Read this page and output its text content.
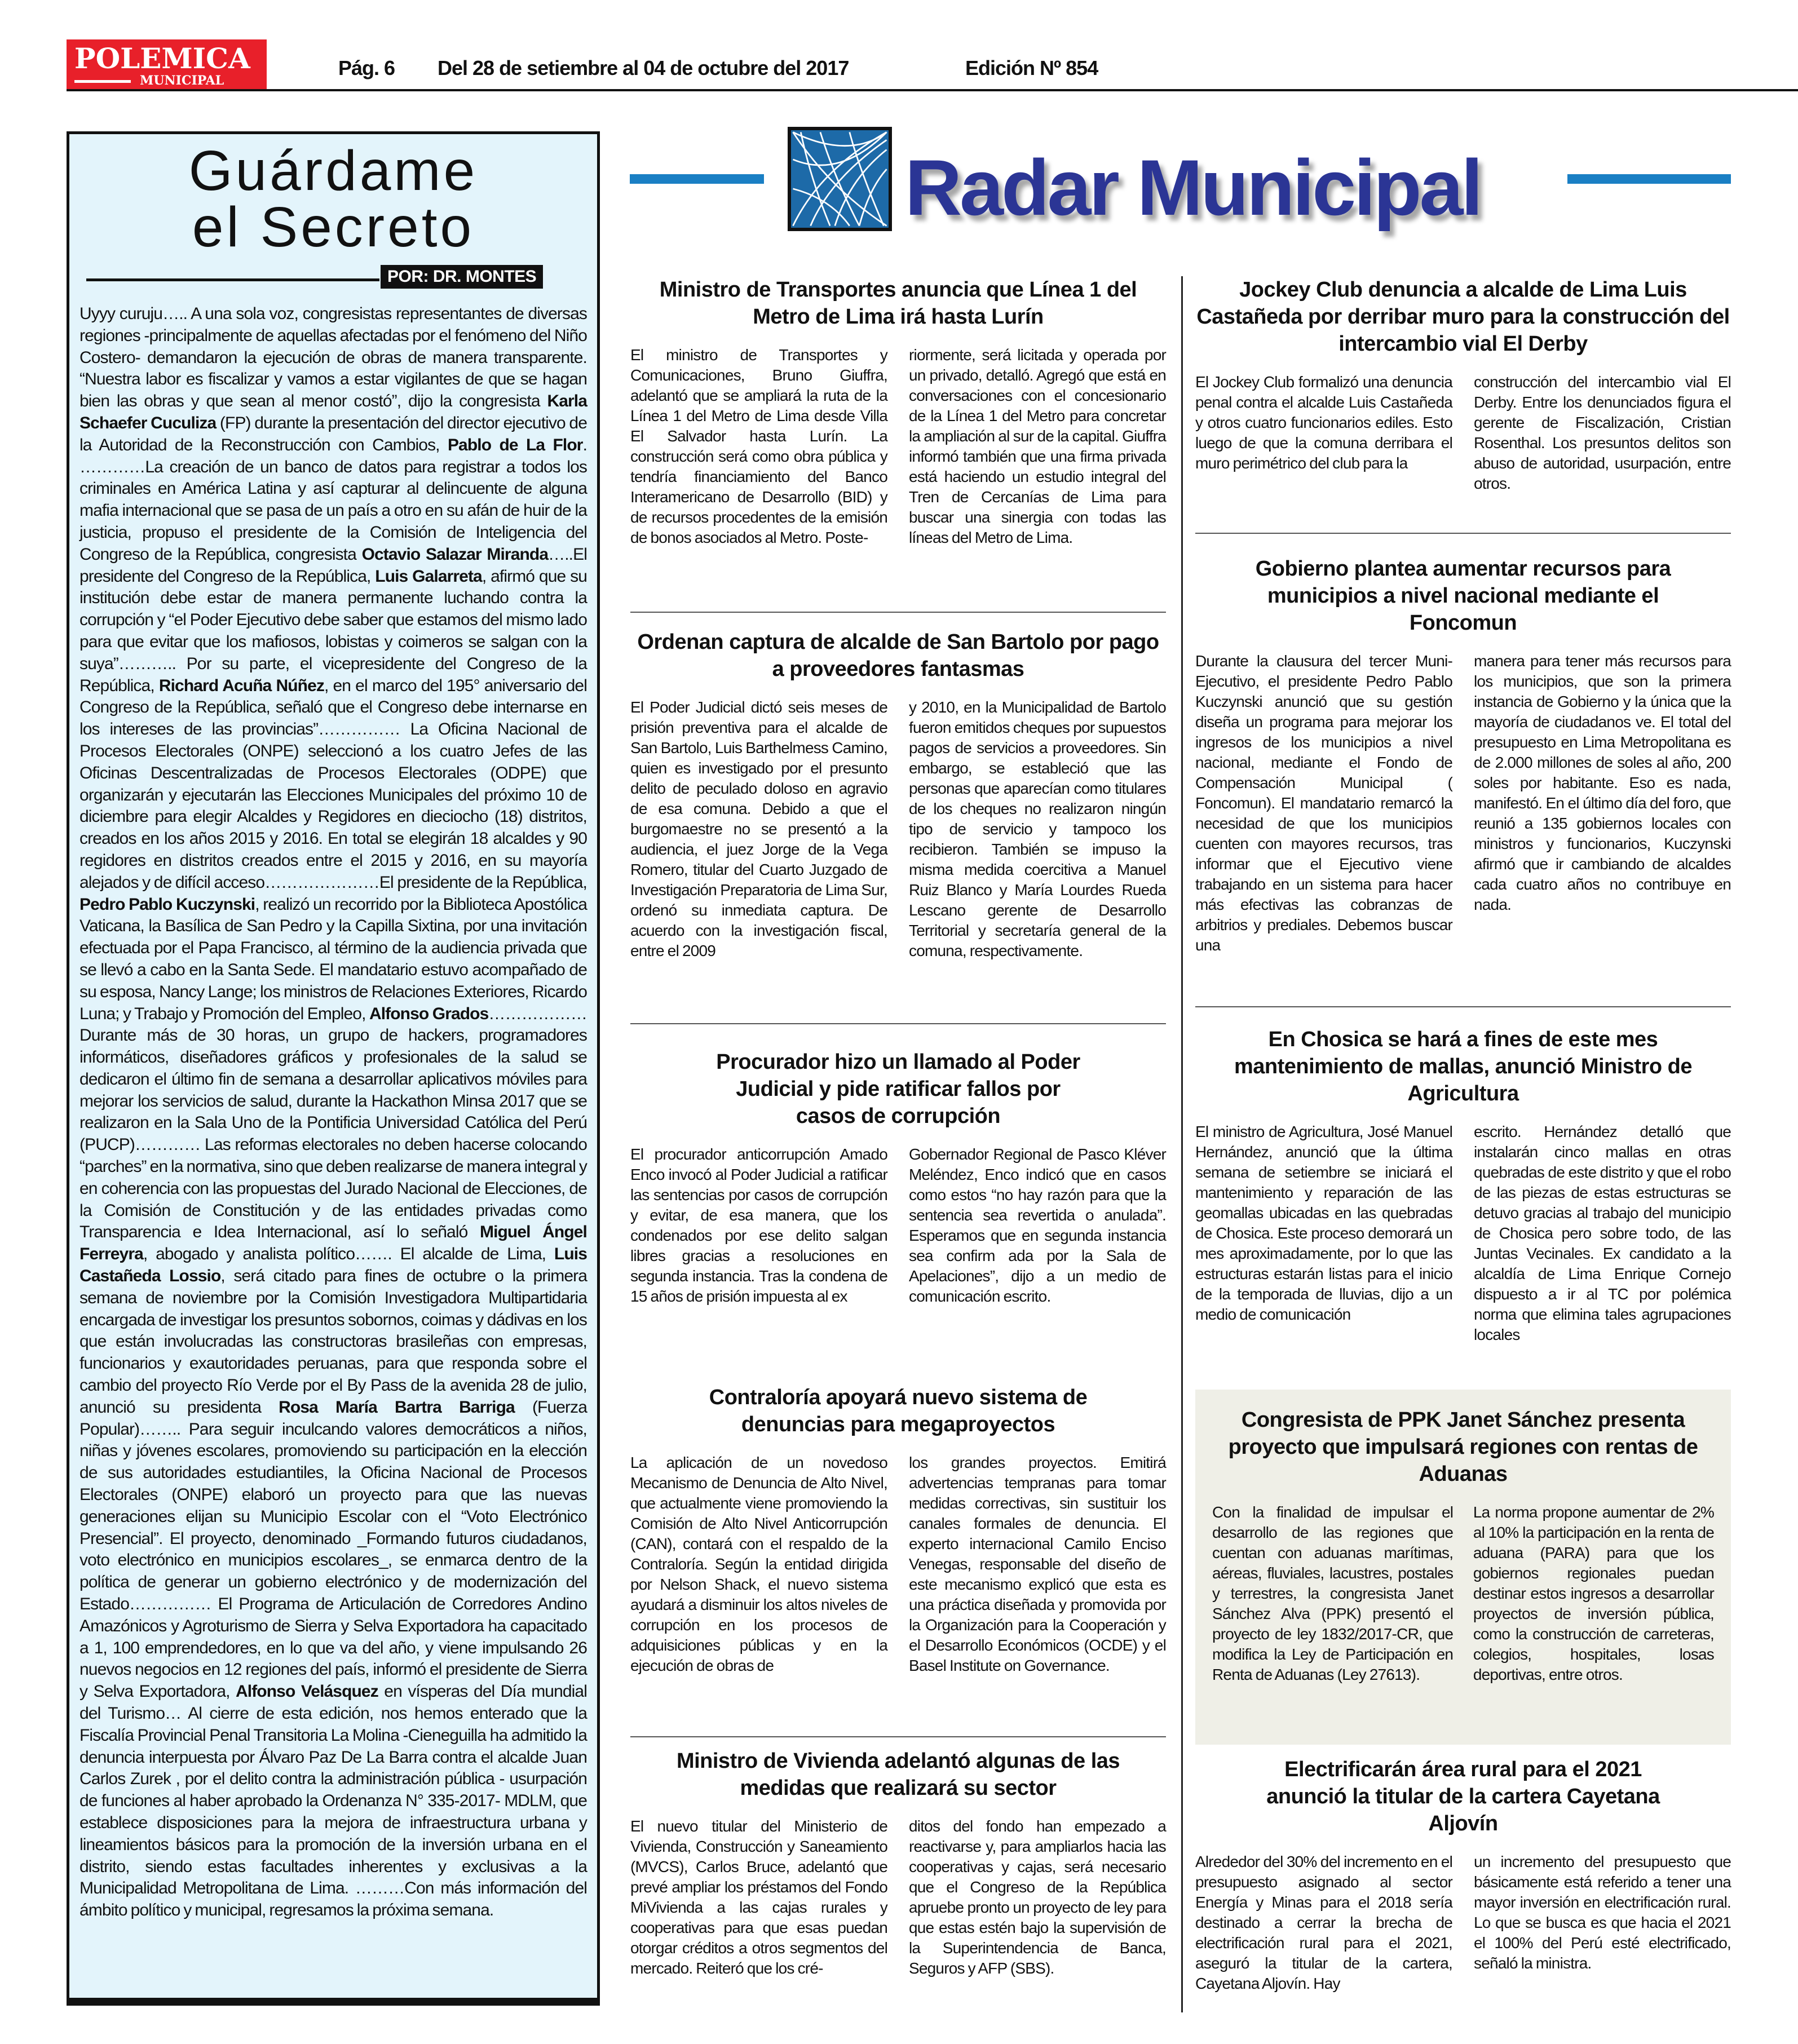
POLEMICA
MUNICIPAL
Pág. 6 Del 28 de setiembre al 04 de octubre del 2017	Edición Nº 854
Guárdame
el Secreto
POR: DR. MONTES
Uyyy curuju….. A una sola voz, congresistas representantes de diversas regiones -principalmente de aquellas afectadas por el fenómeno del Niño Costero- demandaron la ejecución de obras de manera transparente. “Nuestra labor es fiscalizar y vamos a estar vigilantes de que se hagan bien las obras y que sean al menor costó”, dijo la congresista Karla Schaefer Cuculiza (FP) durante la presentación del director ejecutivo de la Autoridad de la Reconstrucción con Cambios, Pablo de La Flor. …………La creación de un banco de datos para registrar a todos los criminales en América Latina y así capturar al delincuente de alguna mafia internacional que se pasa de un país a otro en su afán de huir de la justicia, propuso el presidente de la Comisión de Inteligencia del Congreso de la República, congresista Octavio Salazar Miranda…..El presidente del Congreso de la República, Luis Galarreta, afirmó que su institución debe estar de manera permanente luchando contra la corrupción y “el Poder Ejecutivo debe saber que estamos del mismo lado para que evitar que los mafiosos, lobistas y coimeros se salgan con la suya”……….. Por su parte, el vicepresidente del Congreso de la República, Richard Acuña Núñez, en el marco del 195° aniversario del Congreso de la República, señaló que el Congreso debe internarse en los intereses de las provincias”…………… La Oficina Nacional de Procesos Electorales (ONPE) seleccionó a los cuatro Jefes de las Oficinas Descentralizadas de Procesos Electorales (ODPE) que organizarán y ejecutarán las Elecciones Municipales del próximo 10 de diciembre para elegir Alcaldes y Regidores en dieciocho (18) distritos, creados en los años 2015 y 2016. En total se elegirán 18 alcaldes y 90 regidores en distritos creados entre el 2015 y 2016, en su mayoría alejados y de difícil acceso…………………El presidente de la República, Pedro Pablo Kuczynski, realizó un recorrido por la Biblioteca Apostólica Vaticana, la Basílica de San Pedro y la Capilla Sixtina, por una invitación efectuada por el Papa Francisco, al término de la audiencia privada que se llevó a cabo en la Santa Sede. El mandatario estuvo acompañado de su esposa, Nancy Lange; los ministros de Relaciones Exteriores, Ricardo Luna; y Trabajo y Promoción del Empleo, Alfonso Grados……………… Durante más de 30 horas, un grupo de hackers, programadores informáticos, diseñadores gráficos y profesionales de la salud se dedicaron el último fin de semana a desarrollar aplicativos móviles para mejorar los servicios de salud, durante la Hackathon Minsa 2017 que se realizaron en la Sala Uno de la Pontificia Universidad Católica del Perú (PUCP)………… Las reformas electorales no deben hacerse colocando “parches” en la normativa, sino que deben realizarse de manera integral y en coherencia con las propuestas del Jurado Nacional de Elecciones, de la Comisión de Constitución y de las entidades privadas como Transparencia e Idea Internacional, así lo señaló Miguel Ángel Ferreyra, abogado y analista político……. El alcalde de Lima, Luis Castañeda Lossio, será citado para fines de octubre o la primera semana de noviembre por la Comisión Investigadora Multipartidaria encargada de investigar los presuntos sobornos, coimas y dádivas en los que están involucradas las constructoras brasileñas con empresas, funcionarios y exautoridades peruanas, para que responda sobre el cambio del proyecto Río Verde por el By Pass de la avenida 28 de julio, anunció su presidenta Rosa María Bartra Barriga (Fuerza Popular)…….. Para seguir inculcando valores democráticos a niños, niñas y jóvenes escolares, promoviendo su participación en la elección de sus autoridades estudiantiles, la Oficina Nacional de Procesos Electorales (ONPE) elaboró un proyecto para que las nuevas generaciones elijan su Municipio Escolar con el “Voto Electrónico Presencial”. El proyecto, denominado _Formando futuros ciudadanos, voto electrónico en municipios escolares_, se enmarca dentro de la política de generar un gobierno electrónico y de modernización del Estado…………… El Programa de Articulación de Corredores Andino Amazónicos y Agroturismo de Sierra y Selva Exportadora ha capacitado a 1, 100 emprendedores, en lo que va del año, y viene impulsando 26 nuevos negocios en 12 regiones del país, informó el presidente de Sierra y Selva Exportadora, Alfonso Velásquez en vísperas del Día mundial del Turismo… Al cierre de esta edición, nos hemos enterado que la Fiscalía Provincial Penal Transitoria La Molina -Cieneguilla ha admitido la denuncia interpuesta por Álvaro Paz De La Barra contra el alcalde Juan Carlos Zurek , por el delito contra la administración pública - usurpación de funciones al haber aprobado la Ordenanza N° 335-2017- MDLM, que establece disposiciones para la mejora de infraestructura urbana y lineamientos básicos para la promoción de la inversión urbana en el distrito, siendo estas facultades inherentes y exclusivas a la Municipalidad Metropolitana de Lima. ………Con más información del ámbito político y municipal, regresamos la próxima semana.
Radar Municipal
Ministro de Transportes anuncia que Línea 1 del Metro de Lima irá hasta Lurín
El ministro de Transportes y Comunicaciones, Bruno Giuffra, adelantó que se ampliará la ruta de la Línea 1 del Metro de Lima desde Villa El Salvador hasta Lurín. La construcción será como obra pública y tendría financiamiento del Banco Interamericano de Desarrollo (BID) y de recursos procedentes de la emisión de bonos asociados al Metro. Poste-
riormente, será licitada y operada por un privado, detalló. Agregó que está en conversaciones con el concesionario de la Línea 1 del Metro para concretar la ampliación al sur de la capital. Giuffra informó también que una firma privada está haciendo un estudio integral del Tren de Cercanías de Lima para buscar una sinergia con todas las líneas del Metro de Lima.
Ordenan captura de alcalde de San Bartolo por pago a proveedores fantasmas
El Poder Judicial dictó seis meses de prisión preventiva para el alcalde de San Bartolo, Luis Barthelmess Camino, quien es investigado por el presunto delito de peculado doloso en agravio de esa comuna. Debido a que el burgomaestre no se presentó a la audiencia, el juez Jorge de la Vega Romero, titular del Cuarto Juzgado de Investigación Preparatoria de Lima Sur, ordenó su inmediata captura. De acuerdo con la investigación fiscal, entre el 2009
y 2010, en la Municipalidad de Bartolo fueron emitidos cheques por supuestos pagos de servicios a proveedores. Sin embargo, se estableció que las personas que aparecían como titulares de los cheques no realizaron ningún tipo de servicio y tampoco los recibieron. También se impuso la misma medida coercitiva a Manuel Ruiz Blanco y María Lourdes Rueda Lescano gerente de Desarrollo Territorial y secretaría general de la comuna, respectivamente.
Procurador hizo un llamado al Poder Judicial y pide ratificar fallos por casos de corrupción
El procurador anticorrupción Amado Enco invocó al Poder Judicial a ratificar las sentencias por casos de corrupción y evitar, de esa manera, que los condenados por ese delito salgan libres gracias a resoluciones en segunda instancia. Tras la condena de 15 años de prisión impuesta al ex
Gobernador Regional de Pasco Kléver Meléndez, Enco indicó que en casos como estos “no hay razón para que la sentencia sea revertida o anulada”. Esperamos que en segunda instancia sea confirm ada por la Sala de Apelaciones”, dijo a un medio de comunicación escrito.
Contraloría apoyará nuevo sistema de denuncias para megaproyectos
La aplicación de un novedoso Mecanismo de Denuncia de Alto Nivel, que actualmente viene promoviendo la Comisión de Alto Nivel Anticorrupción (CAN), contará con el respaldo de la Contraloría. Según la entidad dirigida por Nelson Shack, el nuevo sistema ayudará a disminuir los altos niveles de corrupción en los procesos de adquisiciones públicas y en la ejecución de obras de
los grandes proyectos. Emitirá advertencias tempranas para tomar medidas correctivas, sin sustituir los canales formales de denuncia. El experto internacional Camilo Enciso Venegas, responsable del diseño de este mecanismo explicó que esta es una práctica diseñada y promovida por la Organización para la Cooperación y el Desarrollo Económicos (OCDE) y el Basel Institute on Governance.
Ministro de Vivienda adelantó algunas de las medidas que realizará su sector
El nuevo titular del Ministerio de Vivienda, Construcción y Saneamiento (MVCS), Carlos Bruce, adelantó que prevé ampliar los préstamos del Fondo MiVivienda a las cajas rurales y cooperativas para que esas puedan otorgar créditos a otros segmentos del mercado. Reiteró que los cré-
ditos del fondo han empezado a reactivarse y, para ampliarlos hacia las cooperativas y cajas, será necesario que el Congreso de la República apruebe pronto un proyecto de ley para que estas estén bajo la supervisión de la Superintendencia de Banca, Seguros y AFP (SBS).
Jockey Club denuncia a alcalde de Lima Luis Castañeda por derribar muro para la construcción del intercambio vial El Derby
El Jockey Club formalizó una denuncia penal contra el alcalde Luis Castañeda y otros cuatro funcionarios ediles. Esto luego de que la comuna derribara el muro perimétrico del club para la
construcción del intercambio vial El Derby. Entre los denunciados figura el gerente de Fiscalización, Cristian Rosenthal. Los presuntos delitos son abuso de autoridad, usurpación, entre otros.
Gobierno plantea aumentar recursos para municipios a nivel nacional mediante el Foncomun
Durante la clausura del tercer Muni-Ejecutivo, el presidente Pedro Pablo Kuczynski anunció que su gestión diseña un programa para mejorar los ingresos de los municipios a nivel nacional, mediante el Fondo de Compensación Municipal ( Foncomun). El mandatario remarcó la necesidad de que los municipios cuenten con mayores recursos, tras informar que el Ejecutivo viene trabajando en un sistema para hacer más efectivas las cobranzas de arbitrios y prediales. Debemos buscar una
manera para tener más recursos para los municipios, que son la primera instancia de Gobierno y la única que la mayoría de ciudadanos ve. El total del presupuesto en Lima Metropolitana es de 2.000 millones de soles al año, 200 soles por habitante. Eso es nada, manifestó. En el último día del foro, que reunió a 135 gobiernos locales con ministros y funcionarios, Kuczynski afirmó que ir cambiando de alcaldes cada cuatro años no contribuye en nada.
En Chosica se hará a fines de este mes mantenimiento de mallas, anunció Ministro de Agricultura
El ministro de Agricultura, José Manuel Hernández, anunció que la última semana de setiembre se iniciará el mantenimiento y reparación de las geomallas ubicadas en las quebradas de Chosica. Este proceso demorará un mes aproximadamente, por lo que las estructuras estarán listas para el inicio de la temporada de lluvias, dijo a un medio de comunicación
escrito. Hernández detalló que instalarán cinco mallas en otras quebradas de este distrito y que el robo de las piezas de estas estructuras se detuvo gracias al trabajo del municipio de Chosica pero sobre todo, de las Juntas Vecinales. Ex candidato a la alcaldía de Lima Enrique Cornejo dispuesto a ir al TC por polémica norma que elimina tales agrupaciones locales
Congresista de PPK Janet Sánchez presenta proyecto que impulsará regiones con rentas de Aduanas
Con la finalidad de impulsar el desarrollo de las regiones que cuentan con aduanas marítimas, aéreas, fluviales, lacustres, postales y terrestres, la congresista Janet Sánchez Alva (PPK) presentó el proyecto de ley 1832/2017-CR, que modifica la Ley de Participación en Renta de Aduanas (Ley 27613).
La norma propone aumentar de 2% al 10% la participación en la renta de aduana (PARA) para que los gobiernos regionales puedan destinar estos ingresos a desarrollar proyectos de inversión pública, como la construcción de carreteras, colegios, hospitales, losas deportivas, entre otros.
Electrificarán área rural para el 2021 anunció la titular de la cartera Cayetana Aljovín
Alrededor del 30% del incremento en el presupuesto asignado al sector Energía y Minas para el 2018 sería destinado a cerrar la brecha de electrificación rural para el 2021, aseguró la titular de la cartera, Cayetana Aljovín. Hay
un incremento del presupuesto que básicamente está referido a tener una mayor inversión en electrificación rural. Lo que se busca es que hacia el 2021 el 100% del Perú esté electrificado, señaló la ministra.
